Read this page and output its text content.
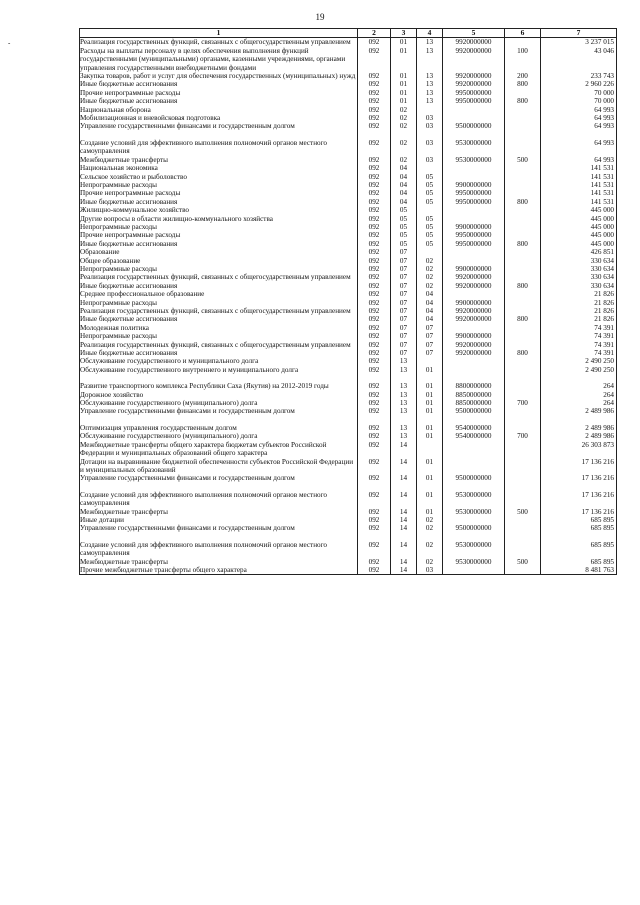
19
-
1	2	3	4	5	6	7
Реализация государственных функций, связанных с общегосударственным управлением	092	01	13	9920000000		3 237 015
Расходы на выплаты персоналу в целях обеспечения выполнения функций государственными (муниципальными) органами, казенными учреждениями, органами управления государственными внебюджетными фондами	092	01	13	9920000000	100	43 046
Закупка товаров, работ и услуг для обеспечения государственных (муниципальных) нужд	092	01	13	9920000000	200	233 743
Иные бюджетные ассигнования	092	01	13	9920000000	800	2 960 226
Прочие непрограммные расходы	092	01	13	9950000000		70 000
Иные бюджетные ассигнования	092	01	13	9950000000	800	70 000
Национальная оборона	092	02				64 993
Мобилизационная и вневойсковая подготовка	092	02	03			64 993
Управление государственными финансами и государственным долгом	092	02	03	9500000000		64 993

Создание условий для эффективного выполнения полномочий органов местного самоуправления	092	02	03	9530000000		64 993
Межбюджетные трансферты	092	02	03	9530000000	500	64 993
Национальная экономика	092	04				141 531
Сельское хозяйство и рыболовство	092	04	05			141 531
Непрограммные расходы	092	04	05	9900000000		141 531
Прочие непрограммные расходы	092	04	05	9950000000		141 531
Иные бюджетные ассигнования	092	04	05	9950000000	800	141 531
Жилищно-коммунальное хозяйство	092	05				445 000
Другие вопросы в области жилищно-коммунального хозяйства	092	05	05			445 000
Непрограммные расходы	092	05	05	9900000000		445 000
Прочие непрограммные расходы	092	05	05	9950000000		445 000
Иные бюджетные ассигнования	092	05	05	9950000000	800	445 000
Образование	092	07				426 851
Общее образование	092	07	02			330 634
Непрограммные расходы	092	07	02	9900000000		330 634
Реализация государственных функций, связанных с общегосударственным управлением	092	07	02	9920000000		330 634
Иные бюджетные ассигнования	092	07	02	9920000000	800	330 634
Среднее профессиональное образование	092	07	04			21 826
Непрограммные расходы	092	07	04	9900000000		21 826
Реализация государственных функций, связанных с общегосударственным управлением	092	07	04	9920000000		21 826
Иные бюджетные ассигнования	092	07	04	9920000000	800	21 826
Молодежная политика	092	07	07			74 391
Непрограммные расходы	092	07	07	9900000000		74 391
Реализация государственных функций, связанных с общегосударственным управлением	092	07	07	9920000000		74 391
Иные бюджетные ассигнования	092	07	07	9920000000	800	74 391
Обслуживание государственного и муниципального долга	092	13				2 490 250
Обслуживание государственного внутреннего и муниципального долга	092	13	01			2 490 250

Развитие транспортного комплекса Республики Саха (Якутия) на 2012-2019 годы	092	13	01	8800000000		264
Дорожное хозяйство	092	13	01	8850000000		264
Обслуживание государственного (муниципального) долга	092	13	01	8850000000	700	264
Управление государственными финансами и государственным долгом	092	13	01	9500000000		2 489 986

Оптимизация управления государственным долгом	092	13	01	9540000000		2 489 986
Обслуживание государственного (муниципального) долга	092	13	01	9540000000	700	2 489 986
Межбюджетные трансферты общего характера бюджетам субъектов Российской Федерации и муниципальных образований общего характера	092	14				26 303 873
Дотации на выравнивание бюджетной обеспеченности субъектов Российской Федерации и муниципальных образований	092	14	01			17 136 216
Управление государственными финансами и государственным долгом	092	14	01	9500000000		17 136 216

Создание условий для эффективного выполнения полномочий органов местного самоуправления	092	14	01	9530000000		17 136 216
Межбюджетные трансферты	092	14	01	9530000000	500	17 136 216
Иные дотации	092	14	02			685 895
Управление государственными финансами и государственным долгом	092	14	02	9500000000		685 895

Создание условий для эффективного выполнения полномочий органов местного самоуправления	092	14	02	9530000000		685 895
Межбюджетные трансферты	092	14	02	9530000000	500	685 895
Прочие межбюджетные трансферты общего характера	092	14	03			8 481 763
